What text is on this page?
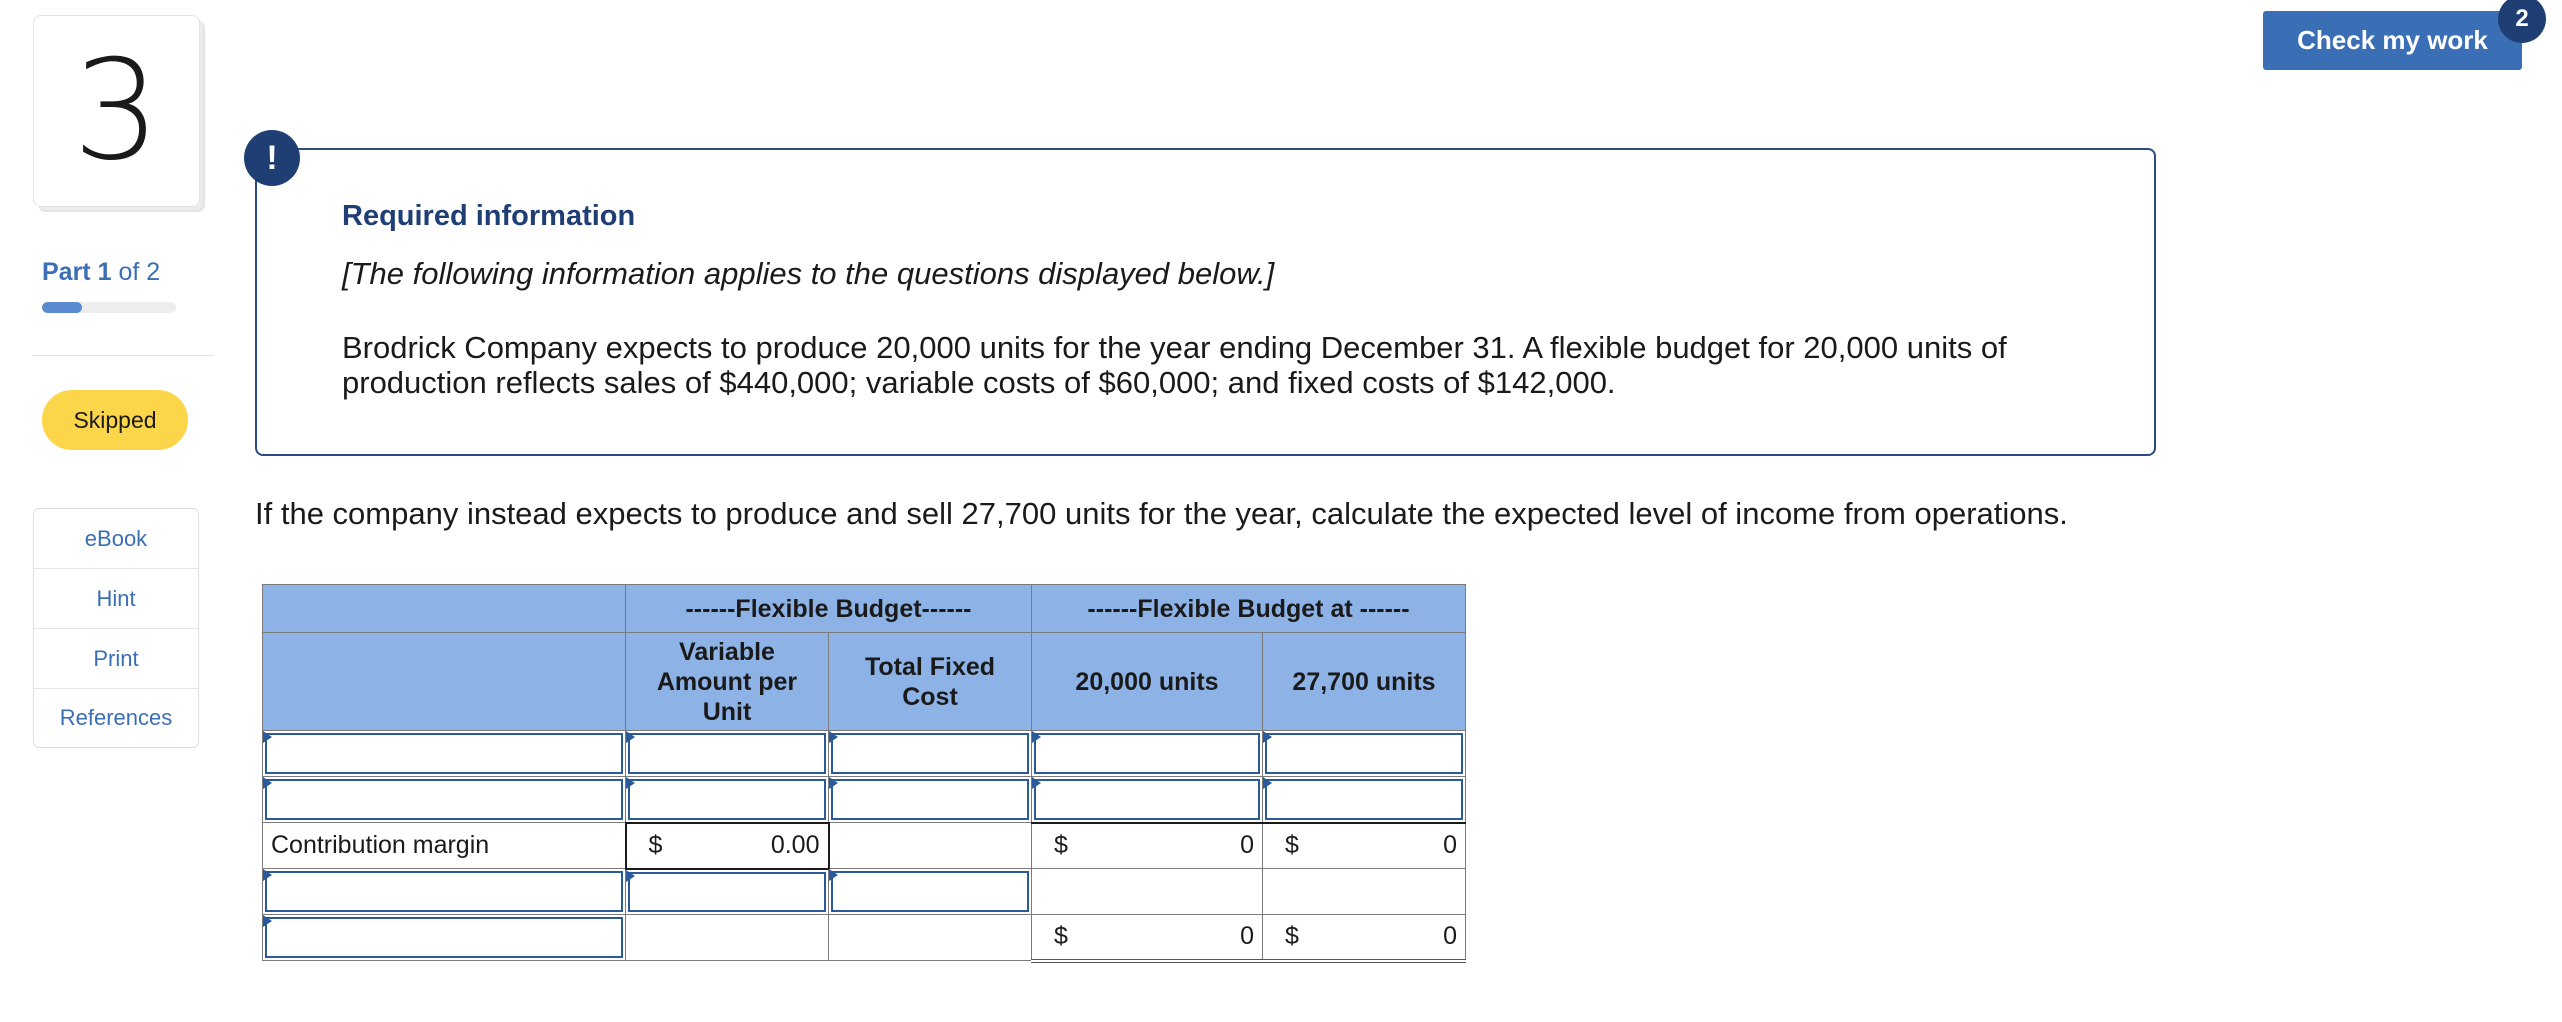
3
Part 1 of 2
Skipped
eBook
Hint
Print
References
Check my work
2
!
Required information
[The following information applies to the questions displayed below.]
Brodrick Company expects to produce 20,000 units for the year ending December 31. A flexible budget for 20,000 units of production reflects sales of $440,000; variable costs of $60,000; and fixed costs of $142,000.
If the company instead expects to produce and sell 27,700 units for the year, calculate the expected level of income from operations.
	------Flexible Budget------		------Flexible Budget at ------	
	Variable Amount per Unit	Total Fixed Cost	20,000 units	27,700 units

Contribution margin	$ 0.00		$ 0	$ 0

			$ 0	$ 0
